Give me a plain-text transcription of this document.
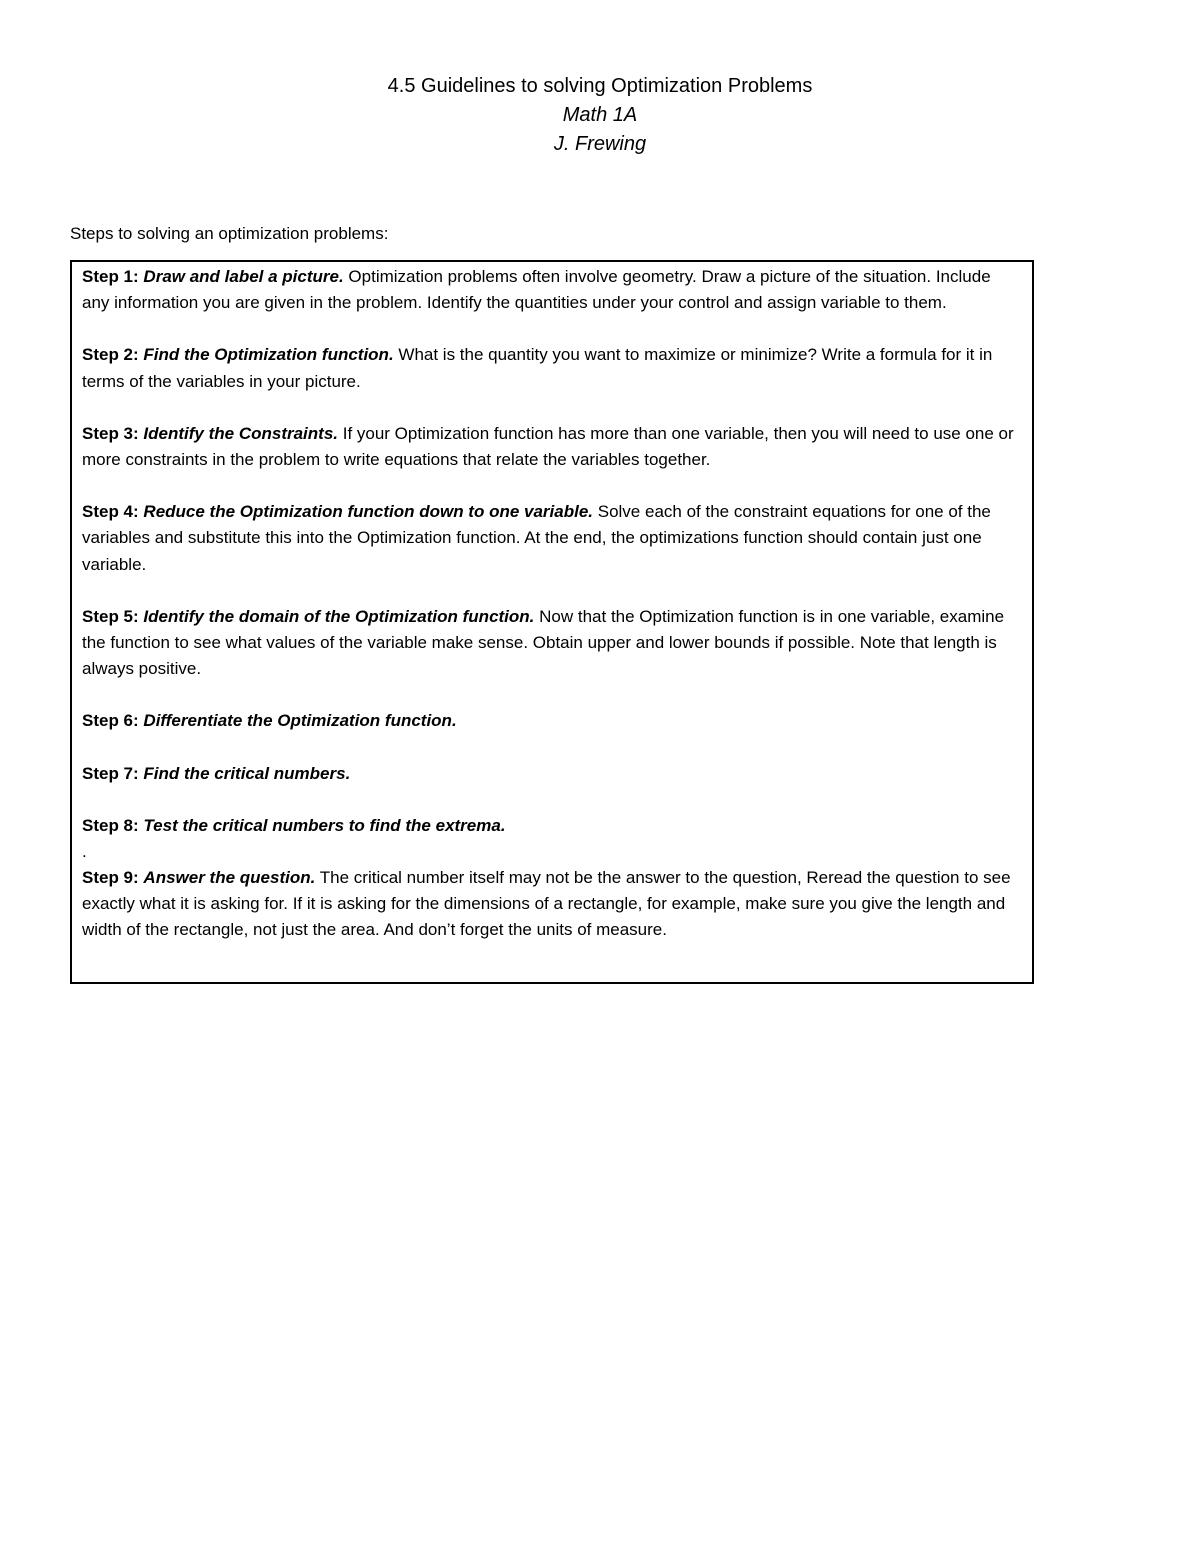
4.5 Guidelines to solving Optimization Problems
Math 1A
J. Frewing
Steps to solving an optimization problems:
Step 1: Draw and label a picture. Optimization problems often involve geometry. Draw a picture of the situation. Include any information you are given in the problem. Identify the quantities under your control and assign variable to them.
Step 2: Find the Optimization function. What is the quantity you want to maximize or minimize? Write a formula for it in terms of the variables in your picture.
Step 3: Identify the Constraints. If your Optimization function has more than one variable, then you will need to use one or more constraints in the problem to write equations that relate the variables together.
Step 4: Reduce the Optimization function down to one variable. Solve each of the constraint equations for one of the variables and substitute this into the Optimization function. At the end, the optimizations function should contain just one variable.
Step 5: Identify the domain of the Optimization function. Now that the Optimization function is in one variable, examine the function to see what values of the variable make sense. Obtain upper and lower bounds if possible. Note that length is always positive.
Step 6: Differentiate the Optimization function.
Step 7: Find the critical numbers.
Step 8: Test the critical numbers to find the extrema.
.
Step 9: Answer the question. The critical number itself may not be the answer to the question, Reread the question to see exactly what it is asking for. If it is asking for the dimensions of a rectangle, for example, make sure you give the length and width of the rectangle, not just the area. And don’t forget the units of measure.
